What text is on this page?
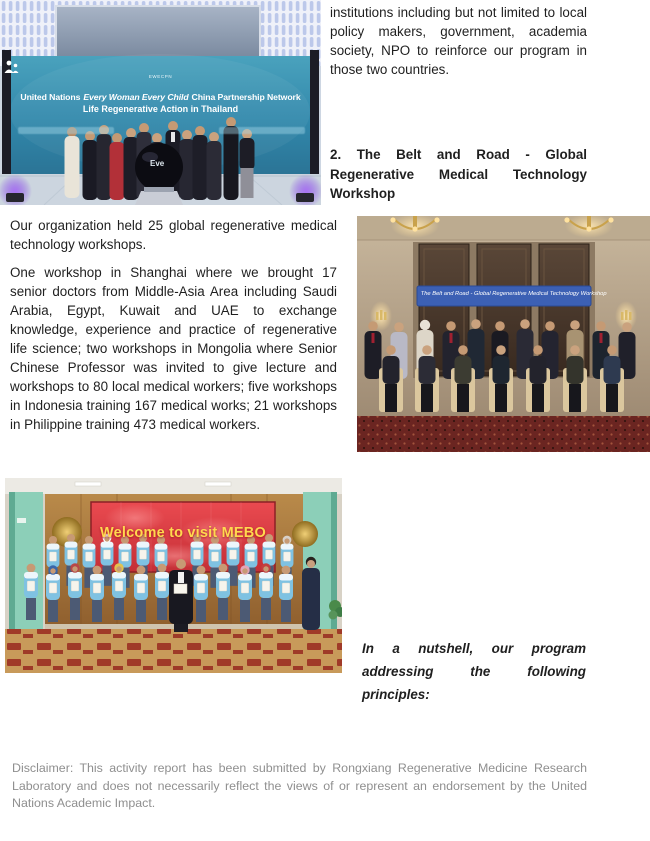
EWECPN
United Nations Every Woman Every Child China Partnership Network
Life Regenerative Action in Thailand
Eve

institutions including but not limited to local policy makers, government, academia society, NPO to reinforce our program in those two countries.

2. The Belt and Road - Global Regenerative Medical Technology Workshop

Our organization held 25 global regenerative medical technology workshops.

One workshop in Shanghai where we brought 17 senior doctors from Middle-Asia Area including Saudi Arabia, Egypt, Kuwait and UAE to exchange knowledge, experience and practice of regenerative life science; two workshops in Mongolia where Senior Chinese Professor was invited to give lecture and workshops to 80 local medical workers; five workshops in Indonesia training 167 medical works; 21 workshops in Philippine training 473 medical workers.

The Belt and Road - Global Regenerative Medical Technology Workshop
Welcome to visit MEBO

In a nutshell, our program addressing the following principles:

Disclaimer: This activity report has been submitted by Rongxiang Regenerative Medicine Research Laboratory and does not necessarily reflect the views of or represent an endorsement by the United Nations Academic Impact.
